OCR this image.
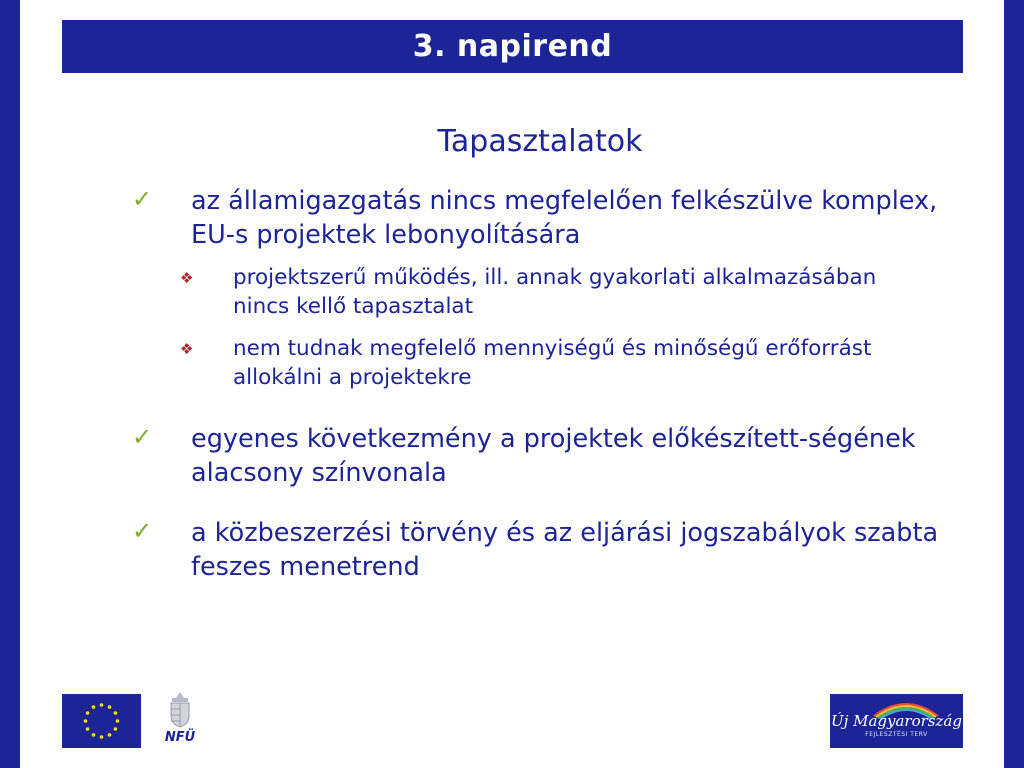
3. napirend
Tapasztalatok
✓ az államigazgatás nincs megfelelően felkészülve komplex, EU-s projektek lebonyolítására
❖ projektszerű működés, ill. annak gyakorlati alkalmazásában nincs kellő tapasztalat
❖ nem tudnak megfelelő mennyiségű és minőségű erőforrást allokálni a projektekre
✓ egyenes következmény a projektek előkészített-ségének alacsony színvonala
✓ a közbeszerzési törvény és az eljárási jogszabályok szabta feszes menetrend
NFÜ
Új Magyarország
FEJLESZTÉSI TERV
